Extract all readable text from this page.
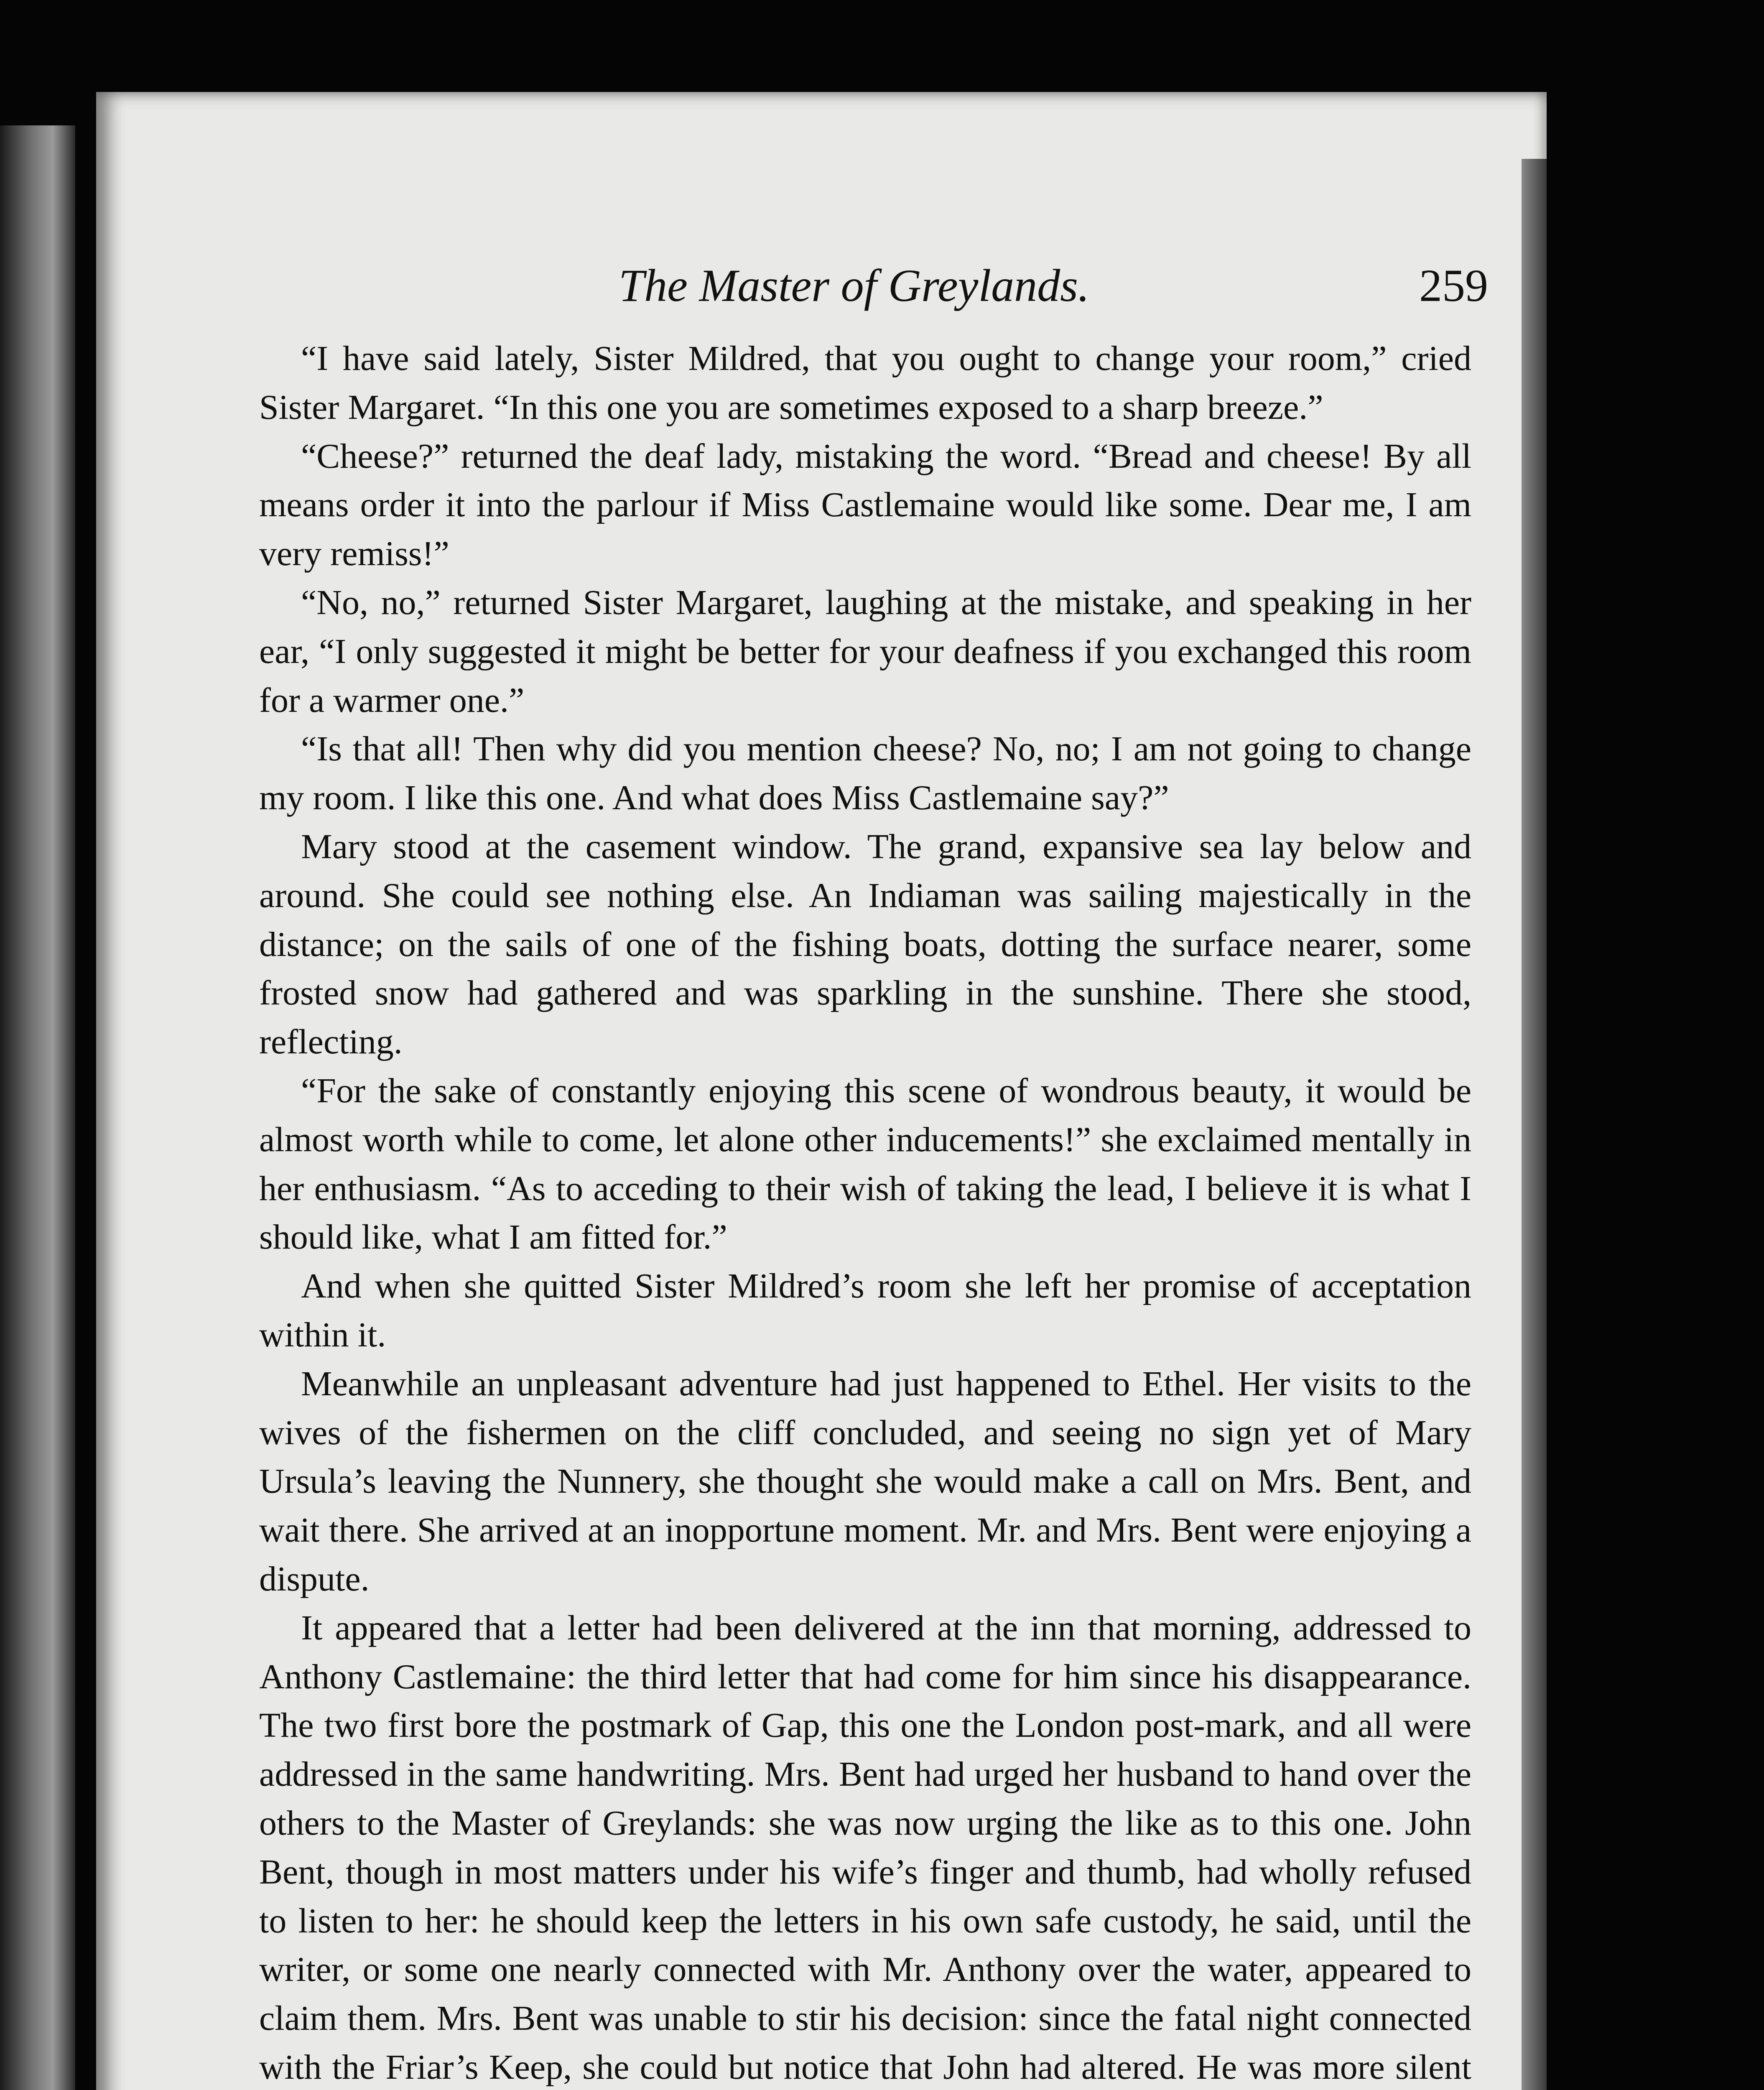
The Master of Greylands.	259

“I have said lately, Sister Mildred, that you ought to change your room,” cried Sister Margaret. “In this one you are sometimes exposed to a sharp breeze.”

“Cheese?” returned the deaf lady, mistaking the word. “Bread and cheese! By all means order it into the parlour if Miss Castlemaine would like some. Dear me, I am very remiss!”

“No, no,” returned Sister Margaret, laughing at the mistake, and speaking in her ear, “I only suggested it might be better for your deafness if you exchanged this room for a warmer one.”

“Is that all! Then why did you mention cheese? No, no; I am not going to change my room. I like this one. And what does Miss Castlemaine say?”

Mary stood at the casement window. The grand, expansive sea lay below and around. She could see nothing else. An Indiaman was sailing majestically in the distance; on the sails of one of the fishing boats, dotting the surface nearer, some frosted snow had gathered and was sparkling in the sunshine. There she stood, reflecting.

“For the sake of constantly enjoying this scene of wondrous beauty, it would be almost worth while to come, let alone other inducements!” she exclaimed mentally in her enthusiasm. “As to acceding to their wish of taking the lead, I believe it is what I should like, what I am fitted for.”

And when she quitted Sister Mildred’s room she left her promise of acceptation within it.

Meanwhile an unpleasant adventure had just happened to Ethel. Her visits to the wives of the fishermen on the cliff concluded, and seeing no sign yet of Mary Ursula’s leaving the Nunnery, she thought she would make a call on Mrs. Bent, and wait there. She arrived at an inopportune moment. Mr. and Mrs. Bent were enjoying a dispute.

It appeared that a letter had been delivered at the inn that morning, addressed to Anthony Castlemaine: the third letter that had come for him since his disappearance. The two first bore the postmark of Gap, this one the London post-mark, and all were addressed in the same handwriting. Mrs. Bent had urged her husband to hand over the others to the Master of Greylands: she was now urging the like as to this one. John Bent, though in most matters under his wife’s finger and thumb, had wholly refused to listen to her: he should keep the letters in his own safe custody, he said, until the writer, or some one nearly connected with Mr. Anthony over the water, appeared to claim them. Mrs. Bent was unable to stir his decision: since the fatal night connected with the Friar’s Keep, she could but notice that John had altered. He was more silent
